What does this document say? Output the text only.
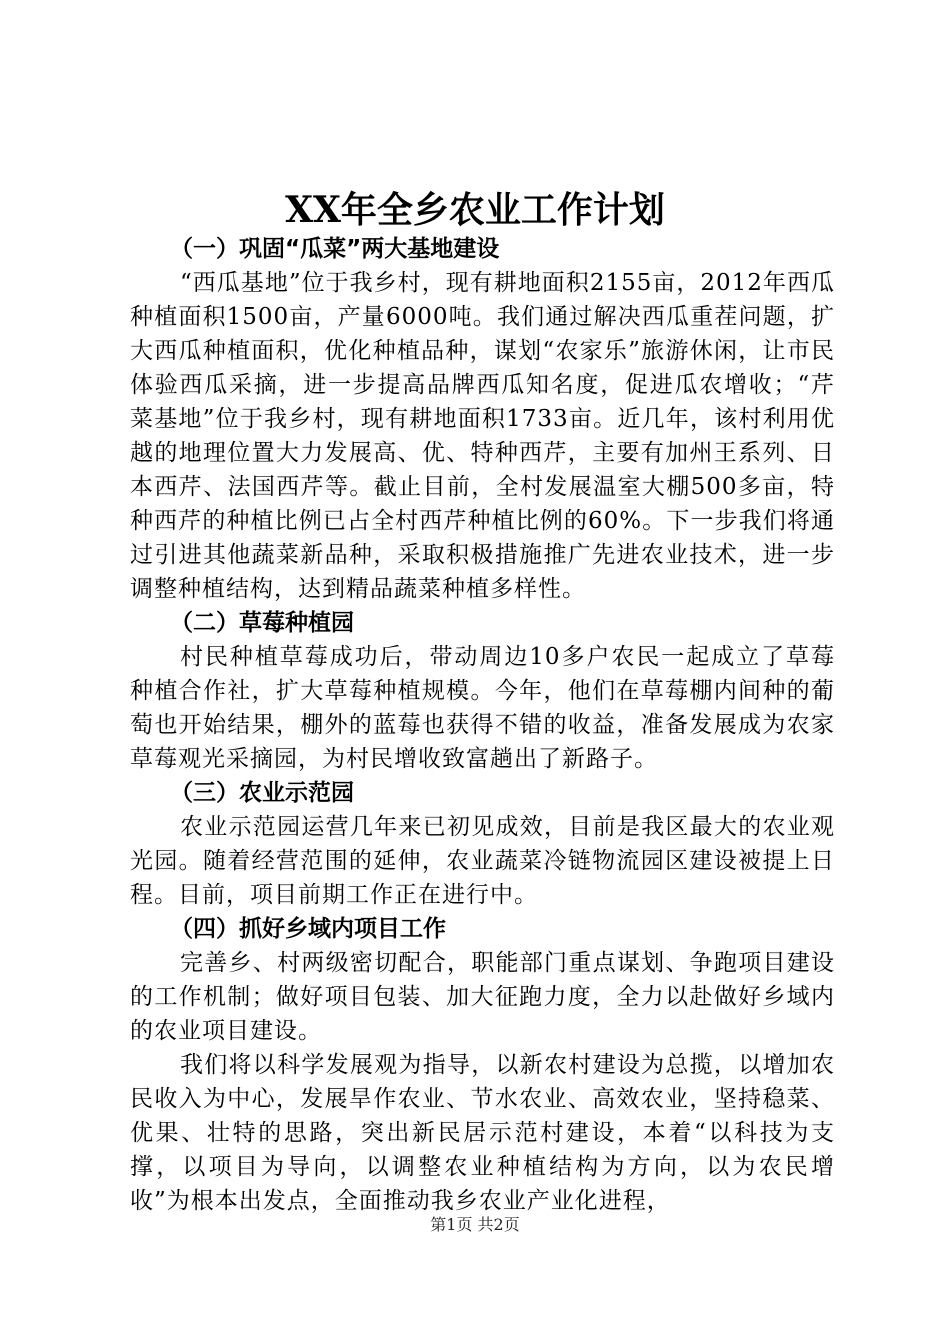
XX年全乡农业工作计划

（一）巩固“瓜菜”两大基地建设

“西瓜基地”位于我乡村，现有耕地面积2155亩，2012年西瓜种植面积1500亩，产量6000吨。我们通过解决西瓜重茬问题，扩大西瓜种植面积，优化种植品种，谋划“农家乐”旅游休闲，让市民体验西瓜采摘，进一步提高品牌西瓜知名度，促进瓜农增收；“芹菜基地”位于我乡村，现有耕地面积1733亩。近几年，该村利用优越的地理位置大力发展高、优、特种西芹，主要有加州王系列、日本西芹、法国西芹等。截止目前，全村发展温室大棚500多亩，特种西芹的种植比例已占全村西芹种植比例的60%。下一步我们将通过引进其他蔬菜新品种，采取积极措施推广先进农业技术，进一步调整种植结构，达到精品蔬菜种植多样性。

（二）草莓种植园

村民种植草莓成功后，带动周边10多户农民一起成立了草莓种植合作社，扩大草莓种植规模。今年，他们在草莓棚内间种的葡萄也开始结果，棚外的蓝莓也获得不错的收益，准备发展成为农家草莓观光采摘园，为村民增收致富趟出了新路子。

（三）农业示范园

农业示范园运营几年来已初见成效，目前是我区最大的农业观光园。随着经营范围的延伸，农业蔬菜冷链物流园区建设被提上日程。目前，项目前期工作正在进行中。

（四）抓好乡域内项目工作

完善乡、村两级密切配合，职能部门重点谋划、争跑项目建设的工作机制；做好项目包装、加大征跑力度，全力以赴做好乡域内的农业项目建设。

我们将以科学发展观为指导，以新农村建设为总揽，以增加农民收入为中心，发展旱作农业、节水农业、高效农业，坚持稳菜、优果、壮特的思路，突出新民居示范村建设，本着“以科技为支撑，以项目为导向，以调整农业种植结构为方向，以为农民增收”为根本出发点，全面推动我乡农业产业化进程，

第1页 共2页
